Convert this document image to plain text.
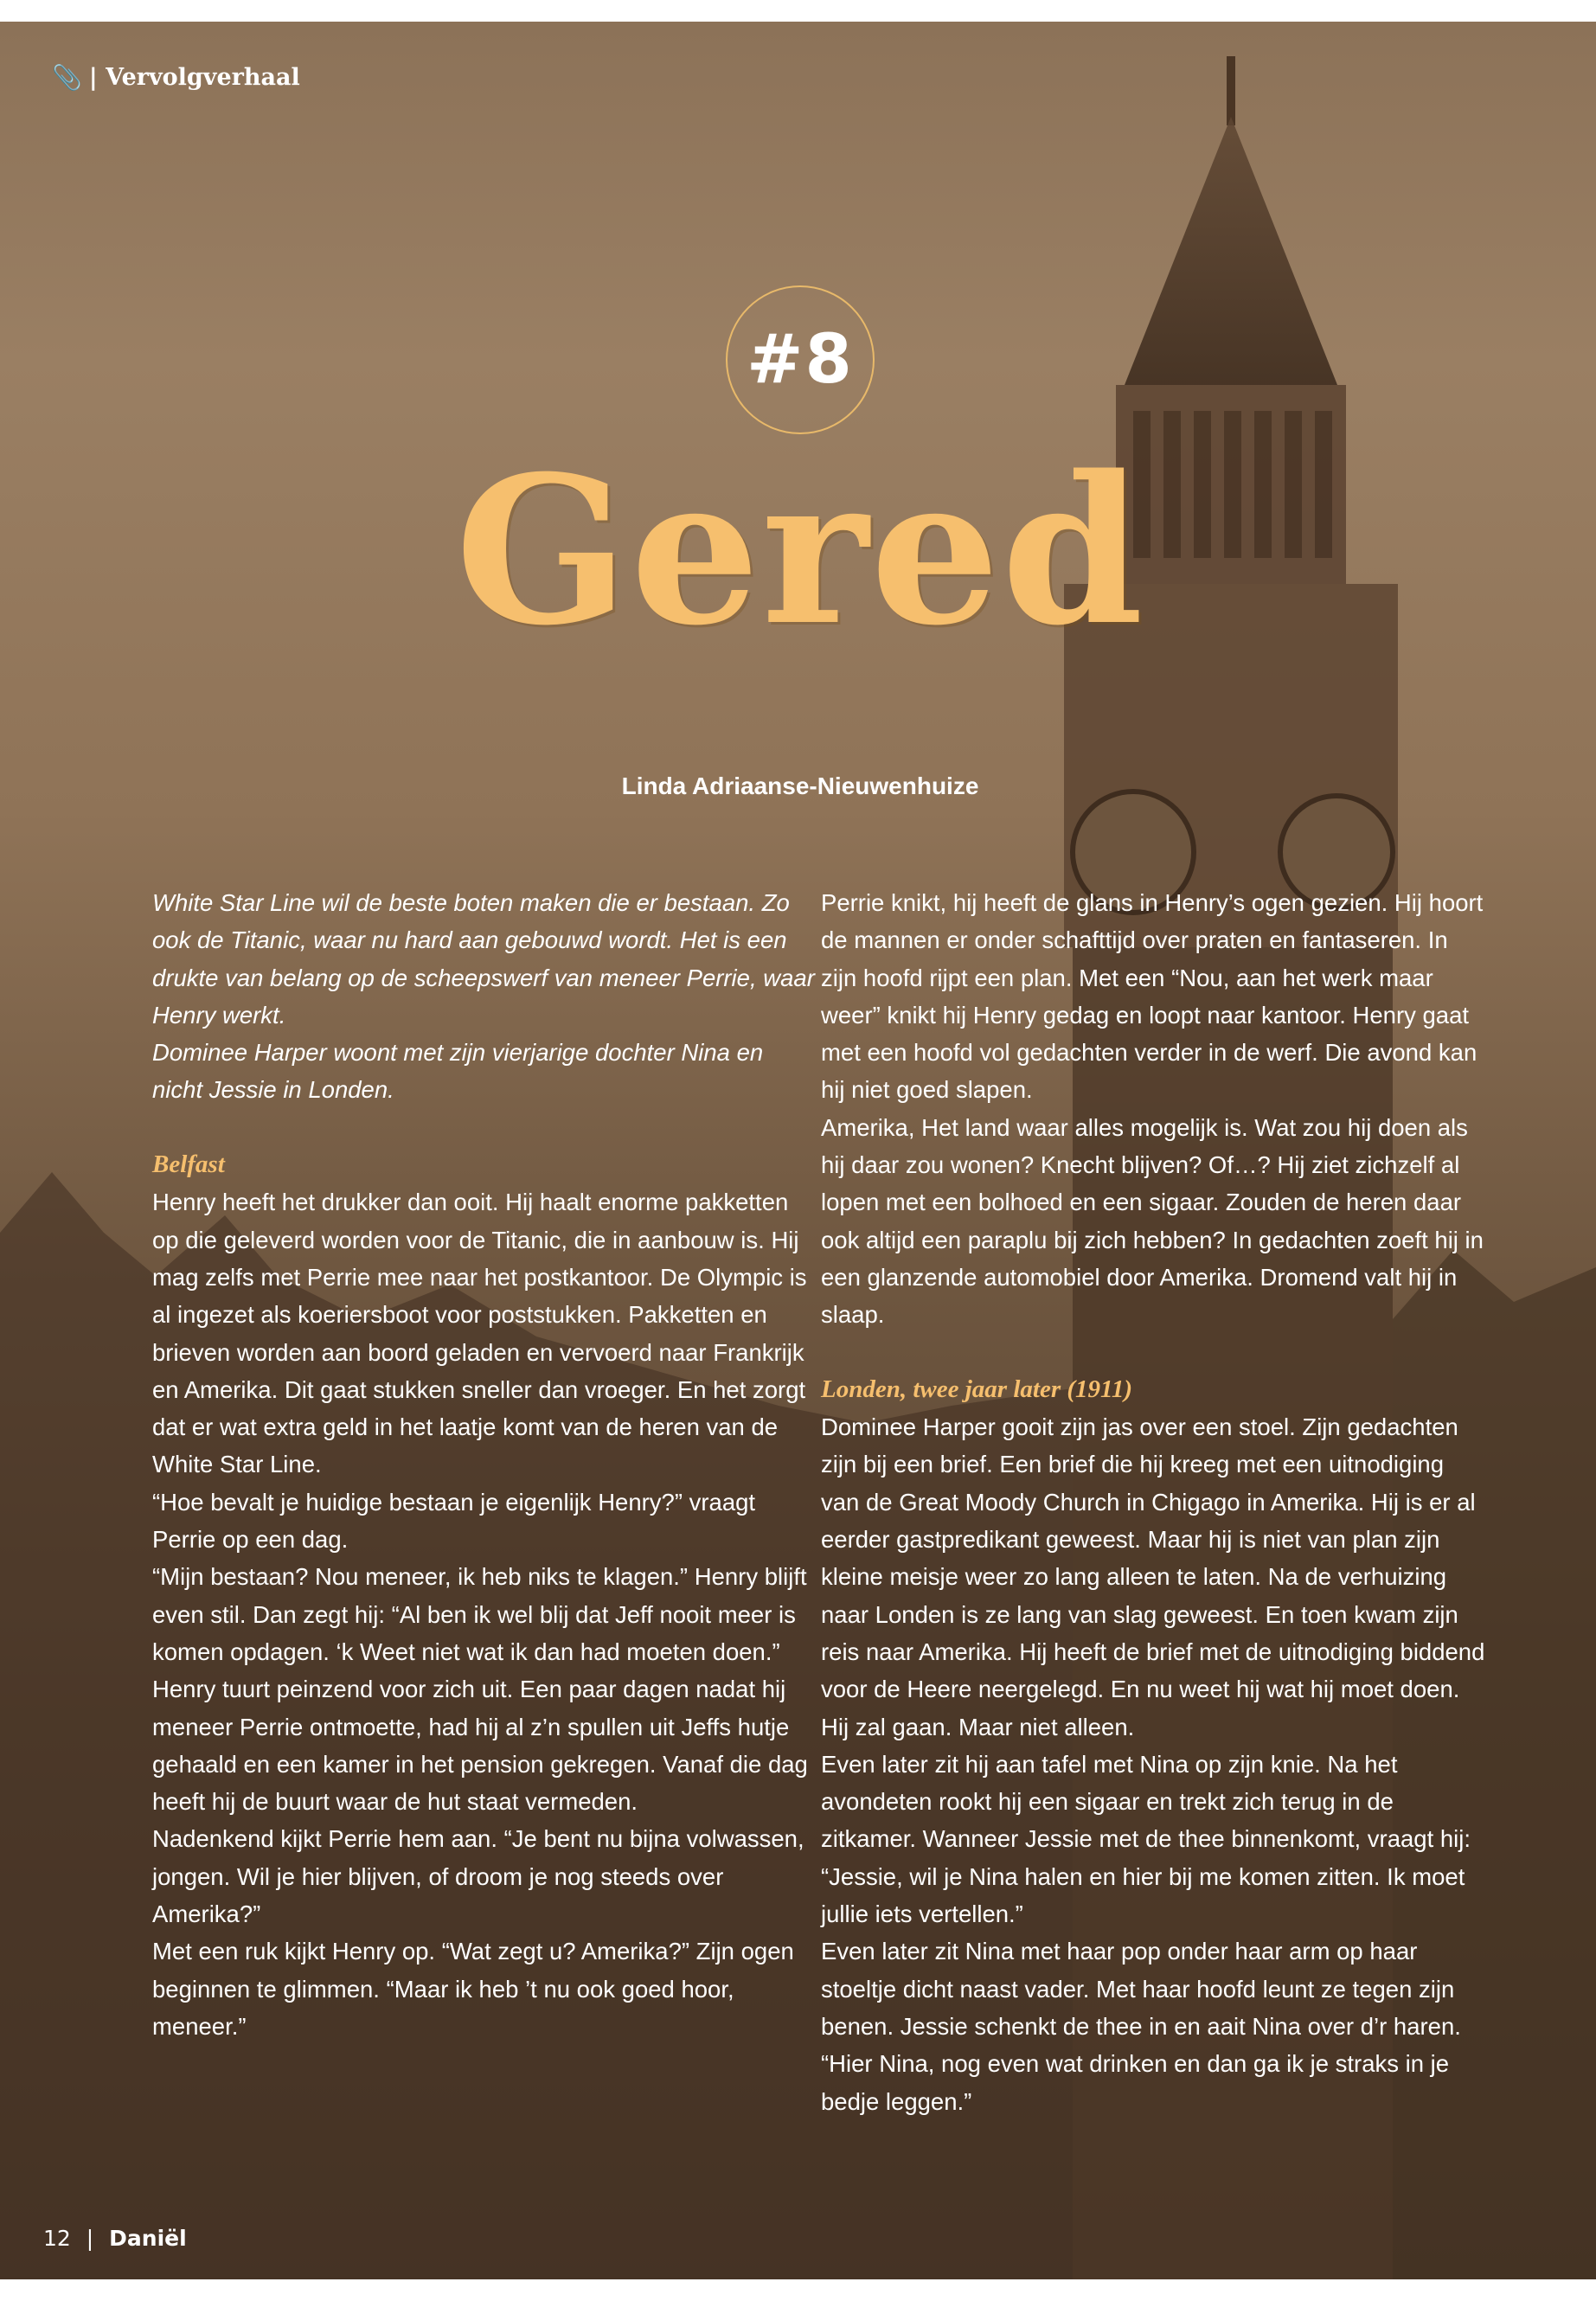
📎 | Vervolgverhaal
#8
Gered
Linda Adriaanse-Nieuwenhuize

White Star Line wil de beste boten maken die er bestaan. Zo ook de Titanic, waar nu hard aan gebouwd wordt. Het is een drukte van belang op de scheepswerf van meneer Perrie, waar Henry werkt.

Dominee Harper woont met zijn vierjarige dochter Nina en nicht Jessie in Londen.

Belfast

Henry heeft het drukker dan ooit. Hij haalt enorme pakketten op die geleverd worden voor de Titanic, die in aanbouw is. Hij mag zelfs met Perrie mee naar het postkantoor. De Olympic is al ingezet als koeriersboot voor poststukken. Pakketten en brieven worden aan boord geladen en vervoerd naar Frankrijk en Amerika. Dit gaat stukken sneller dan vroeger. En het zorgt dat er wat extra geld in het laatje komt van de heren van de White Star Line.

“Hoe bevalt je huidige bestaan je eigenlijk Henry?” vraagt Perrie op een dag.

“Mijn bestaan? Nou meneer, ik heb niks te klagen.” Henry blijft even stil. Dan zegt hij: “Al ben ik wel blij dat Jeff nooit meer is komen opdagen. ‘k Weet niet wat ik dan had moeten doen.”

Henry tuurt peinzend voor zich uit. Een paar dagen nadat hij meneer Perrie ontmoette, had hij al z’n spullen uit Jeffs hutje gehaald en een kamer in het pension gekregen. Vanaf die dag heeft hij de buurt waar de hut staat vermeden.

Nadenkend kijkt Perrie hem aan. “Je bent nu bijna volwassen, jongen. Wil je hier blijven, of droom je nog steeds over Amerika?”

Met een ruk kijkt Henry op. “Wat zegt u? Amerika?” Zijn ogen beginnen te glimmen. “Maar ik heb ’t nu ook goed hoor, meneer.”

Perrie knikt, hij heeft de glans in Henry’s ogen gezien. Hij hoort de mannen er onder schafttijd over praten en fantaseren. In zijn hoofd rijpt een plan. Met een “Nou, aan het werk maar weer” knikt hij Henry gedag en loopt naar kantoor. Henry gaat met een hoofd vol gedachten verder in de werf. Die avond kan hij niet goed slapen.

Amerika, Het land waar alles mogelijk is. Wat zou hij doen als hij daar zou wonen? Knecht blijven? Of…? Hij ziet zichzelf al lopen met een bolhoed en een sigaar. Zouden de heren daar ook altijd een paraplu bij zich hebben? In gedachten zoeft hij in een glanzende automobiel door Amerika. Dromend valt hij in slaap.

Londen, twee jaar later (1911)

Dominee Harper gooit zijn jas over een stoel. Zijn gedachten zijn bij een brief. Een brief die hij kreeg met een uitnodiging van de Great Moody Church in Chigago in Amerika. Hij is er al eerder gastpredikant geweest. Maar hij is niet van plan zijn kleine meisje weer zo lang alleen te laten. Na de verhuizing naar Londen is ze lang van slag geweest. En toen kwam zijn reis naar Amerika. Hij heeft de brief met de uitnodiging biddend voor de Heere neergelegd. En nu weet hij wat hij moet doen. Hij zal gaan. Maar niet alleen.

Even later zit hij aan tafel met Nina op zijn knie. Na het avondeten rookt hij een sigaar en trekt zich terug in de zitkamer. Wanneer Jessie met de thee binnenkomt, vraagt hij: “Jessie, wil je Nina halen en hier bij me komen zitten. Ik moet jullie iets vertellen.”

Even later zit Nina met haar pop onder haar arm op haar stoeltje dicht naast vader. Met haar hoofd leunt ze tegen zijn benen. Jessie schenkt de thee in en aait Nina over d’r haren. “Hier Nina, nog even wat drinken en dan ga ik je straks in je bedje leggen.”

12 | Daniël
